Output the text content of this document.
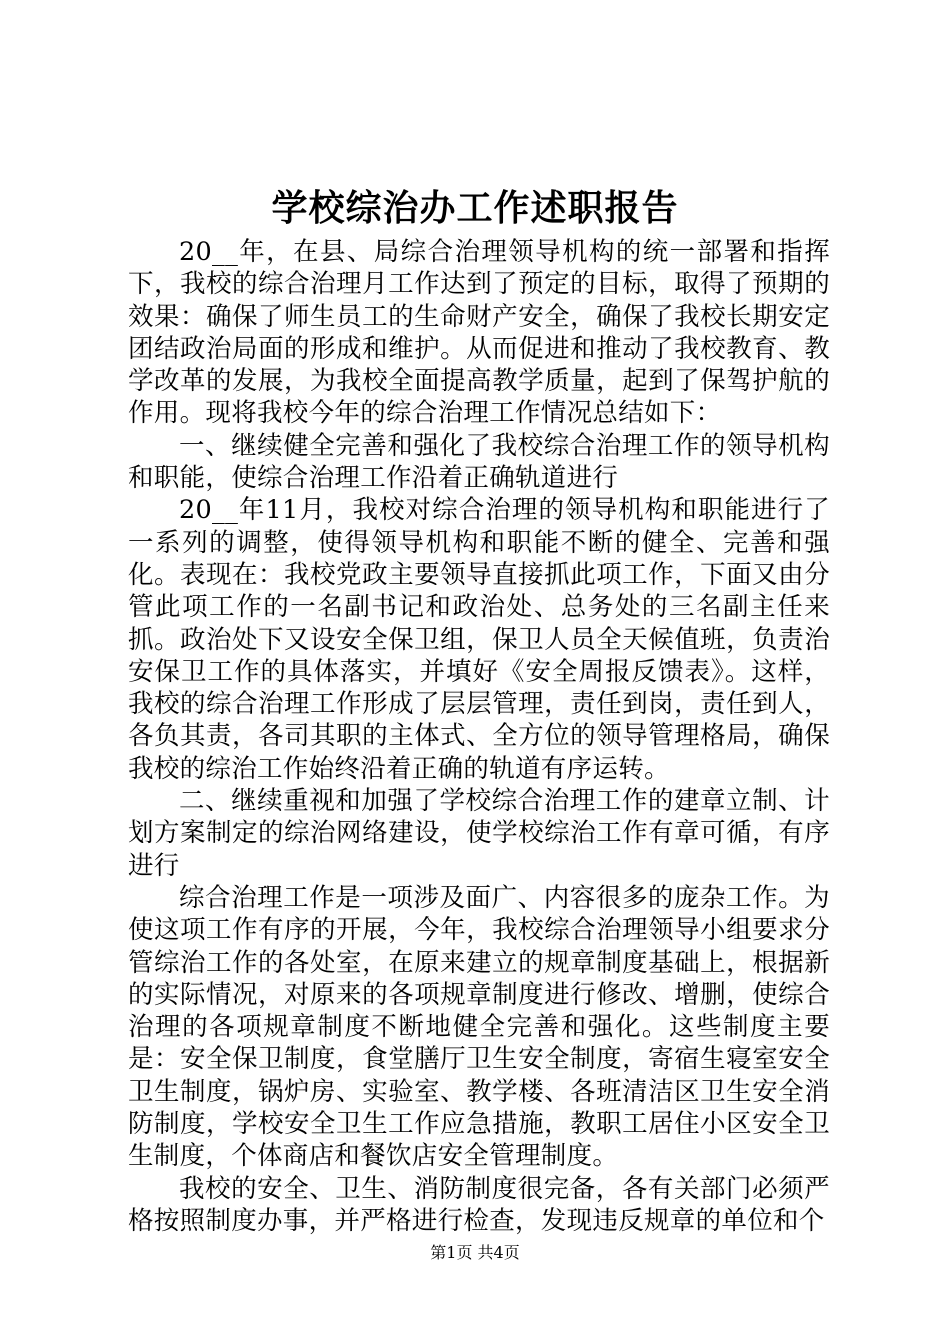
学校综治办工作述职报告

20__年，在县、局综合治理领导机构的统一部署和指挥下，我校的综合治理月工作达到了预定的目标，取得了预期的效果：确保了师生员工的生命财产安全，确保了我校长期安定团结政治局面的形成和维护。从而促进和推动了我校教育、教学改革的发展，为我校全面提高教学质量，起到了保驾护航的作用。现将我校今年的综合治理工作情况总结如下：

一、继续健全完善和强化了我校综合治理工作的领导机构和职能，使综合治理工作沿着正确轨道进行

20__年11月，我校对综合治理的领导机构和职能进行了一系列的调整，使得领导机构和职能不断的健全、完善和强化。表现在：我校党政主要领导直接抓此项工作，下面又由分管此项工作的一名副书记和政治处、总务处的三名副主任来抓。政治处下又设安全保卫组，保卫人员全天候值班，负责治安保卫工作的具体落实，并填好《安全周报反馈表》。这样，我校的综合治理工作形成了层层管理，责任到岗，责任到人，各负其责，各司其职的主体式、全方位的领导管理格局，确保我校的综治工作始终沿着正确的轨道有序运转。

二、继续重视和加强了学校综合治理工作的建章立制、计划方案制定的综治网络建设，使学校综治工作有章可循，有序进行

综合治理工作是一项涉及面广、内容很多的庞杂工作。为使这项工作有序的开展，今年，我校综合治理领导小组要求分管综治工作的各处室，在原来建立的规章制度基础上，根据新的实际情况，对原来的各项规章制度进行修改、增删，使综合治理的各项规章制度不断地健全完善和强化。这些制度主要是：安全保卫制度，食堂膳厅卫生安全制度，寄宿生寝室安全卫生制度，锅炉房、实验室、教学楼、各班清洁区卫生安全消防制度，学校安全卫生工作应急措施，教职工居住小区安全卫生制度，个体商店和餐饮店安全管理制度。

我校的安全、卫生、消防制度很完备，各有关部门必须严格按照制度办事，并严格进行检查，发现违反规章的单位和个

第1页 共4页
